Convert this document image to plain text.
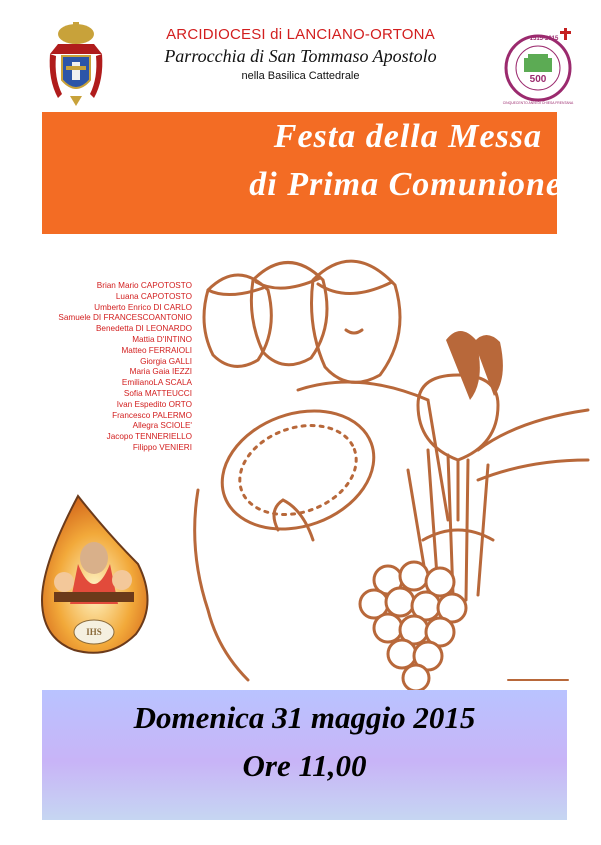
ARCIDIOCESI di LANCIANO-ORTONA
Parrocchia di San Tommaso Apostolo
nella Basilica Cattedrale	500
1515-2015
CINQUECENTO ANNI DI CHIESA FRENTANA
Festa della Messa
di Prima Comunione
Brian Mario CAPOTOSTO
Luana CAPOTOSTO
Umberto Enrico DI CARLO
Samuele DI FRANCESCOANTONIO
Benedetta DI LEONARDO
Mattia D'INTINO
Matteo FERRAIOLI
Giorgia GALLI
Maria Gaia IEZZI
EmilianoLA SCALA
Sofia MATTEUCCI
Ivan Espedito ORTO
Francesco PALERMO
Allegra SCIOLE'
Jacopo TENNERIELLO
Filippo VENIERI
IHS
Domenica 31 maggio 2015
Ore 11,00
